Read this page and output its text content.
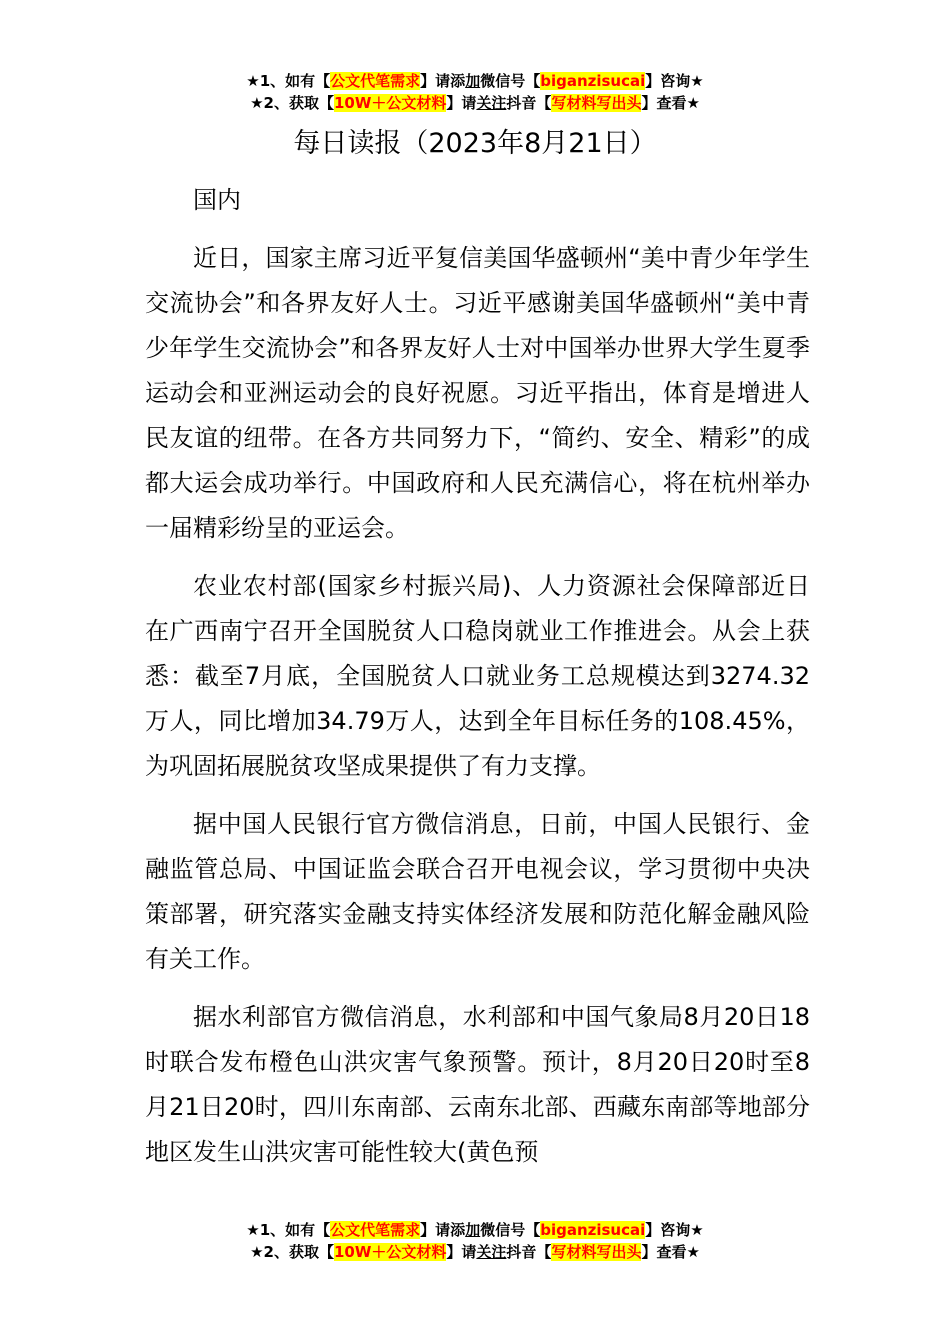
★1、如有【公文代笔需求】请添加微信号【biganzisucai】咨询★
★2、获取【10W＋公文材料】请关注抖音【写材料写出头】查看★
每日读报（2023年8月21日）
国内

近日，国家主席习近平复信美国华盛顿州“美中青少年学生交流协会”和各界友好人士。习近平感谢美国华盛顿州“美中青少年学生交流协会”和各界友好人士对中国举办世界大学生夏季运动会和亚洲运动会的良好祝愿。习近平指出，体育是增进人民友谊的纽带。在各方共同努力下，“简约、安全、精彩”的成都大运会成功举行。中国政府和人民充满信心，将在杭州举办一届精彩纷呈的亚运会。

农业农村部(国家乡村振兴局)、人力资源社会保障部近日在广西南宁召开全国脱贫人口稳岗就业工作推进会。从会上获悉：截至7月底，全国脱贫人口就业务工总规模达到3274.32万人，同比增加34.79万人，达到全年目标任务的108.45%，为巩固拓展脱贫攻坚成果提供了有力支撑。

据中国人民银行官方微信消息，日前，中国人民银行、金融监管总局、中国证监会联合召开电视会议，学习贯彻中央决策部署，研究落实金融支持实体经济发展和防范化解金融风险有关工作。

据水利部官方微信消息，水利部和中国气象局8月20日18时联合发布橙色山洪灾害气象预警。预计，8月20日20时至8月21日20时，四川东南部、云南东北部、西藏东南部等地部分地区发生山洪灾害可能性较大(黄色预

★1、如有【公文代笔需求】请添加微信号【biganzisucai】咨询★
★2、获取【10W＋公文材料】请关注抖音【写材料写出头】查看★
